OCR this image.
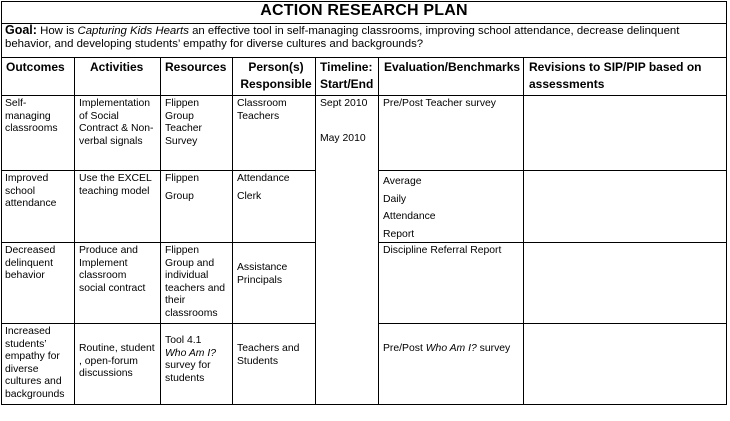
ACTION RESEARCH PLAN
Goal: How is Capturing Kids Hearts an effective tool in self-managing classrooms, improving school attendance, decrease delinquent behavior, and developing students’ empathy for diverse cultures and backgrounds?
Outcomes Activities Resources	Person(s)
Responsible
Timeline:
Start/End
Evaluation/Benchmarks Revisions to SIP/PIP based on
assessments
Sept 2010
May 2010
Self-managing classrooms
Implementation of Social Contract & Non-verbal signals
Flippen Group Teacher Survey
Classroom Teachers
Pre/Post Teacher survey
Improved school attendance
Use the EXCEL teaching model
Flippen
Group
Attendance
Clerk
Average
Daily
Attendance
Report
Decreased delinquent behavior
Produce and Implement classroom social contract
Flippen Group and individual teachers and their classrooms
Assistance Principals
Discipline Referral Report
Increased students’ empathy for diverse cultures and backgrounds
Routine, student , open-forum discussions
Tool 4.1
Who Am I?
survey for students
Teachers and Students
Pre/Post Who Am I? survey
